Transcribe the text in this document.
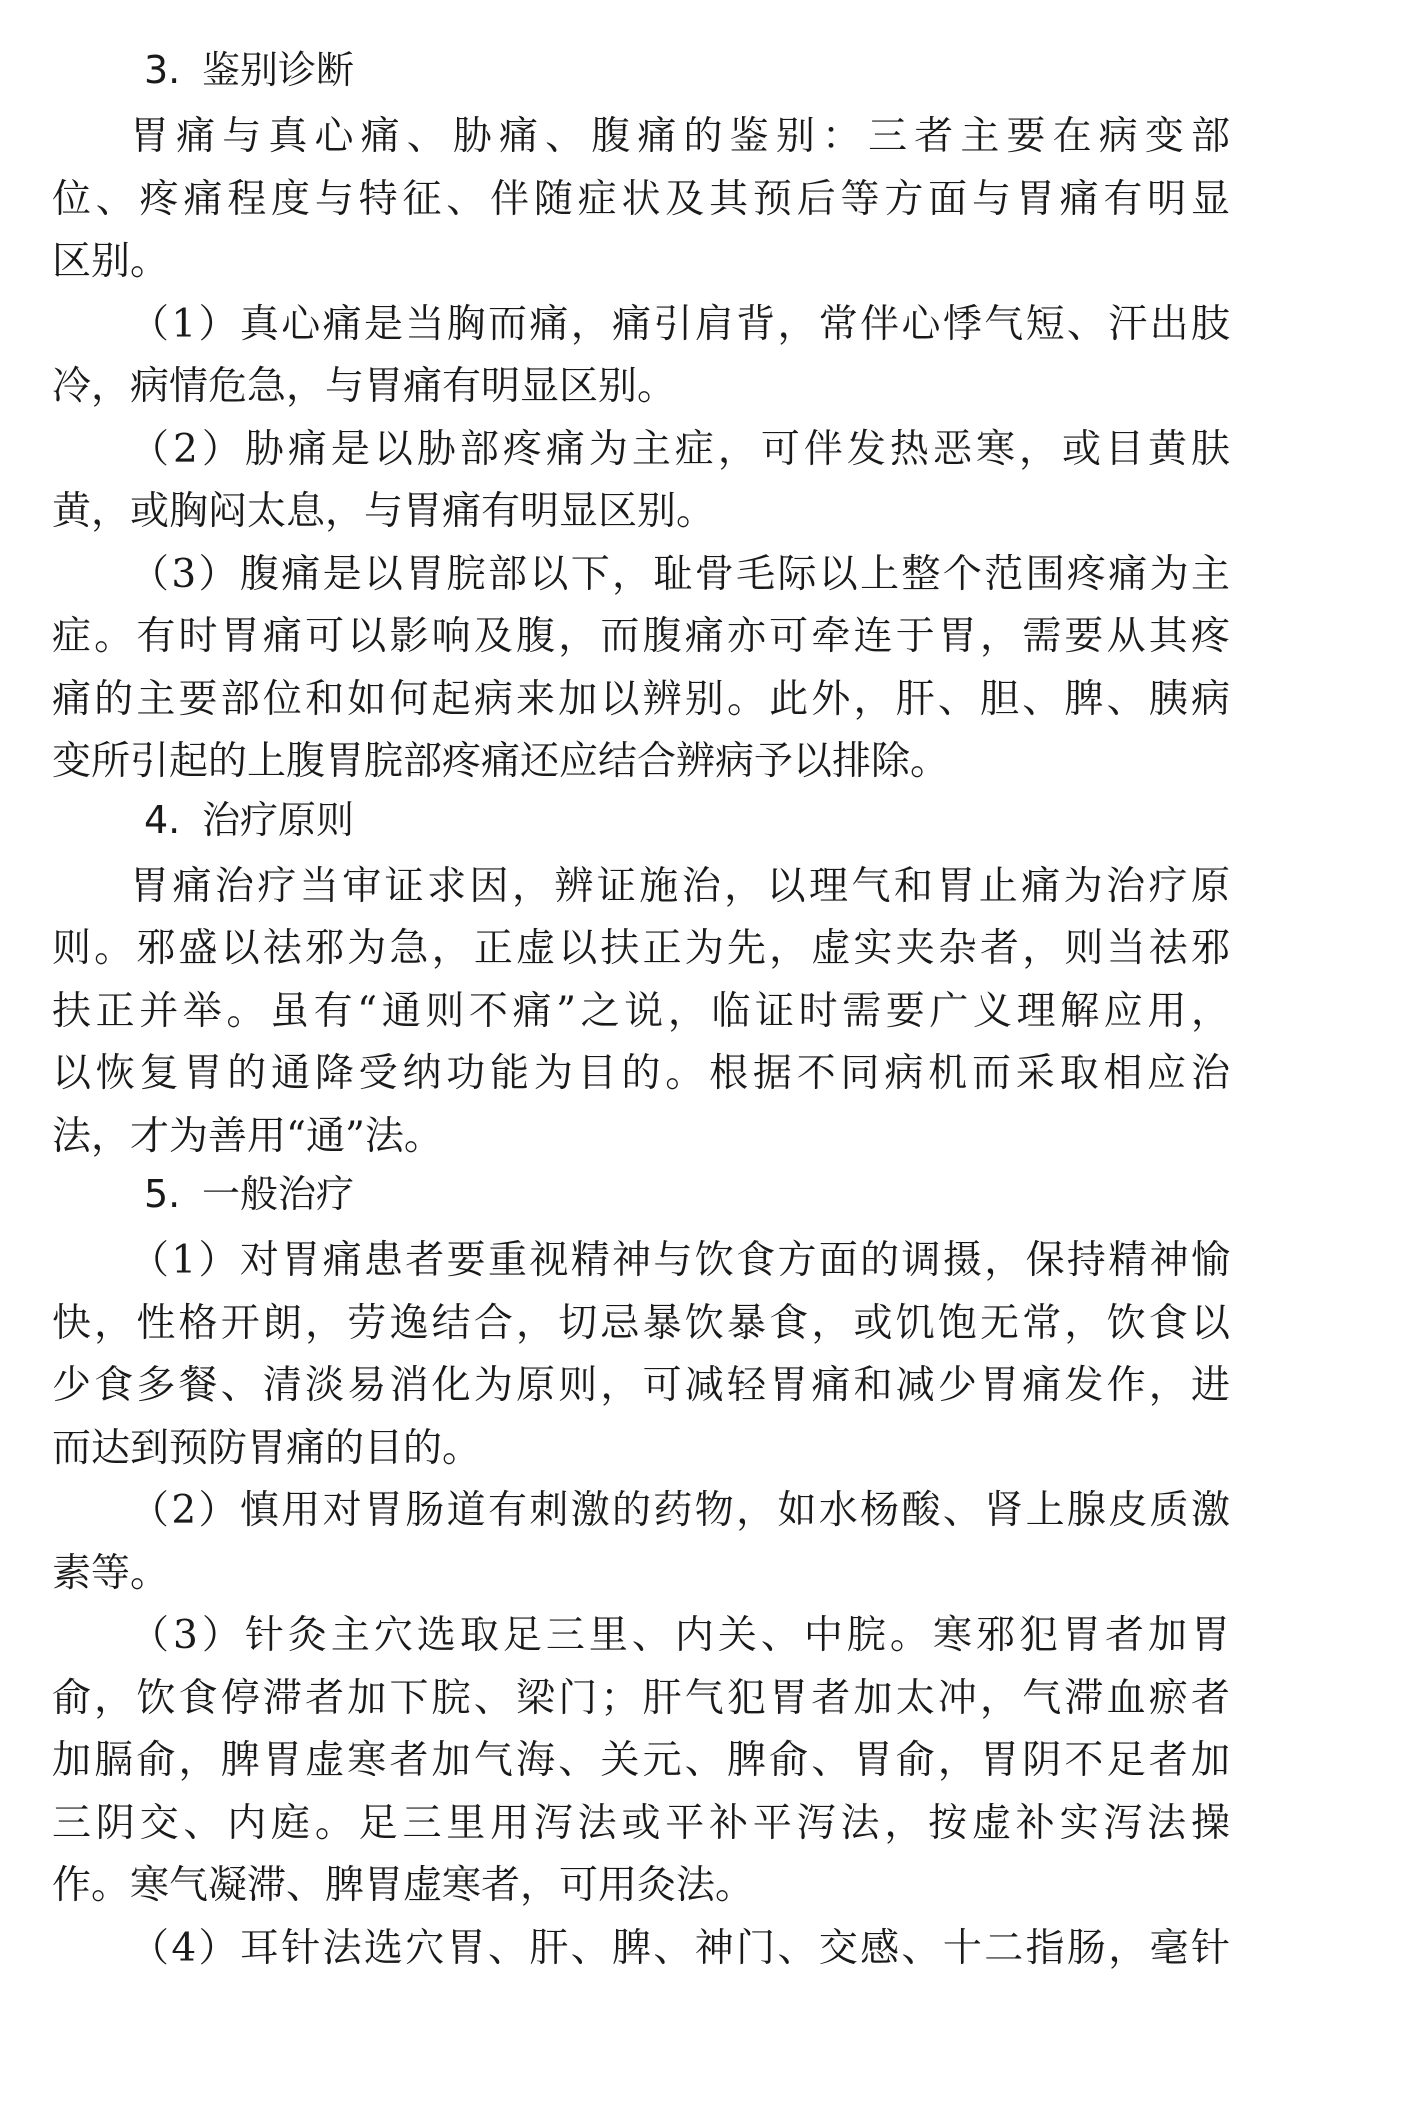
3. 鉴别诊断
胃痛与真心痛、胁痛、腹痛的鉴别：三者主要在病变部
位、疼痛程度与特征、伴随症状及其预后等方面与胃痛有明显
区别。
（1）真心痛是当胸而痛，痛引肩背，常伴心悸气短、汗出肢
冷，病情危急，与胃痛有明显区别。
（2）胁痛是以胁部疼痛为主症，可伴发热恶寒，或目黄肤
黄，或胸闷太息，与胃痛有明显区别。
（3）腹痛是以胃脘部以下，耻骨毛际以上整个范围疼痛为主
症。有时胃痛可以影响及腹，而腹痛亦可牵连于胃，需要从其疼
痛的主要部位和如何起病来加以辨别。此外，肝、胆、脾、胰病
变所引起的上腹胃脘部疼痛还应结合辨病予以排除。
4. 治疗原则
胃痛治疗当审证求因，辨证施治，以理气和胃止痛为治疗原
则。邪盛以祛邪为急，正虚以扶正为先，虚实夹杂者，则当祛邪
扶正并举。虽有“通则不痛”之说，临证时需要广义理解应用，
以恢复胃的通降受纳功能为目的。根据不同病机而采取相应治
法，才为善用“通”法。
5. 一般治疗
（1）对胃痛患者要重视精神与饮食方面的调摄，保持精神愉
快，性格开朗，劳逸结合，切忌暴饮暴食，或饥饱无常，饮食以
少食多餐、清淡易消化为原则，可减轻胃痛和减少胃痛发作，进
而达到预防胃痛的目的。
（2）慎用对胃肠道有刺激的药物，如水杨酸、肾上腺皮质激
素等。
（3）针灸主穴选取足三里、内关、中脘。寒邪犯胃者加胃
俞，饮食停滞者加下脘、梁门；肝气犯胃者加太冲，气滞血瘀者
加膈俞，脾胃虚寒者加气海、关元、脾俞、胃俞，胃阴不足者加
三阴交、内庭。足三里用泻法或平补平泻法，按虚补实泻法操
作。寒气凝滞、脾胃虚寒者，可用灸法。
（4）耳针法选穴胃、肝、脾、神门、交感、十二指肠，毫针
